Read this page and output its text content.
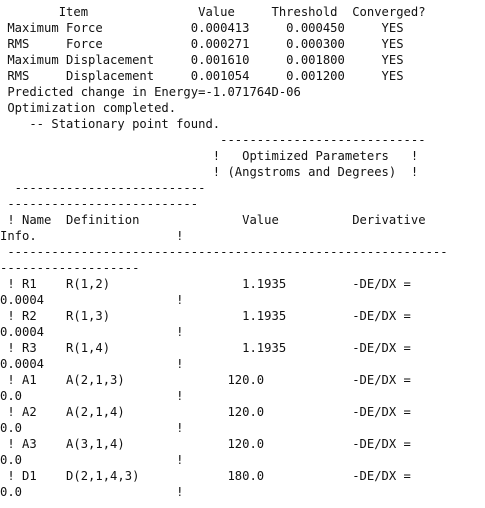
Item               Value     Threshold  Converged?
Maximum Force            0.000413     0.000450     YES
RMS     Force            0.000271     0.000300     YES
Maximum Displacement     0.001610     0.001800     YES
RMS     Displacement     0.001054     0.001200     YES
Predicted change in Energy=-1.071764D-06
Optimization completed.
-- Stationary point found.
----------------------------
!   Optimized Parameters   !
! (Angstroms and Degrees)  !
--------------------------
--------------------------
! Name  Definition              Value          Derivative
Info.                   !
------------------------------------------------------------
-------------------
! R1    R(1,2)                  1.1935         -DE/DX =
0.0004                  !
! R2    R(1,3)                  1.1935         -DE/DX =
0.0004                  !
! R3    R(1,4)                  1.1935         -DE/DX =
0.0004                  !
! A1    A(2,1,3)              120.0            -DE/DX =
0.0                     !
! A2    A(2,1,4)              120.0            -DE/DX =
0.0                     !
! A3    A(3,1,4)              120.0            -DE/DX =
0.0                     !
! D1    D(2,1,4,3)            180.0            -DE/DX =
0.0                     !
